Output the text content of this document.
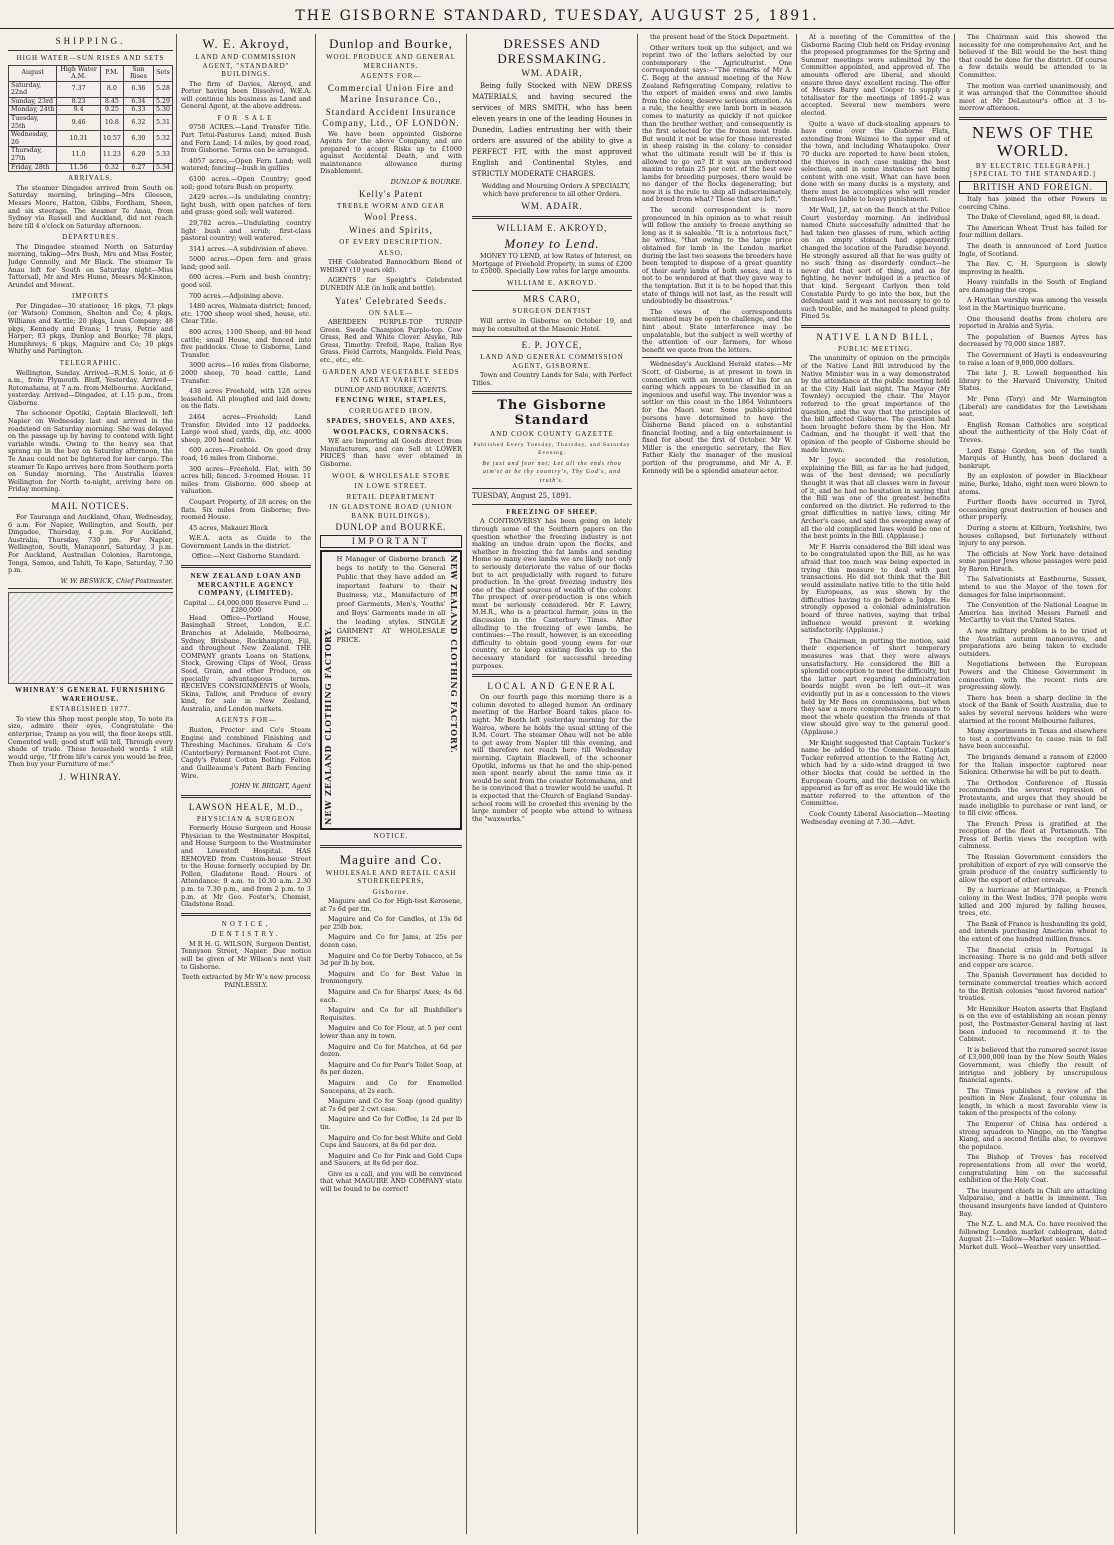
THE GISBORNE STANDARD, TUESDAY, AUGUST 25, 1891.
SHIPPING.
HIGH WATER—SUN RISES AND SETS
August	High Water A.M.	P.M.	Sun Rises	Sets
Saturday, 22nd	7.37	8.0	6.36	5.28
Sunday, 23rd	8.23	8.45	6.34	5.29
Monday, 24th	9.4	9.25	6.33	5.30
Tuesday, 25th	9.46	10.8	6.32	5.31
Wednesday, 26	10.31	10.57	6.30	5.32
Thursday, 27th	11.0	11.23	6.29	5.33
Friday, 28th	11.56	0.32	6.27	5.34
ARRIVALS.

The steamer Dingadee arrived from South on Saturday morning, bringing—Mrs Gleeson, Messrs Moore, Hatton, Gibbs, Fordham, Sheen, and six steerage. The steamer Te Anau, from Sydney via Russell and Auckland, did not reach here till 4 o'clock on Saturday afternoon.

DEPARTURES.

The Dingadee steamed North on Saturday morning, taking—Mrs Bush, Mrs and Miss Foster, Judge Connolly, and Mr Black. The steamer Te Anau left for South on Saturday night—Miss Tattersall, Mr and Mrs Hume, Messrs McKinnon, Arundel and Mowat.

IMPORTS

Per Dingadee—30 stationer, 16 pkgs, 73 pkgs (or Watson) Common, Shelton and Co; 4 pkgs, Williams and Kettle; 20 pkgs, Loan Company; 48 pkgs, Kennedy and Evans; 1 truss, Petrie and Harper; 83 pkgs, Dunlop and Bourke; 78 pkgs, Humphreys; 6 pkgs, Maguire and Co; 10 pkgs Whitby and Partington.

TELEGRAPHIC.

Wellington, Sunday. Arrived—R.M.S. Ionic, at 6 a.m., from Plymouth. Bluff, Yesterday. Arrived—Rotomahana, at 7 a.m. from Melbourne. Auckland, yesterday. Arrived—Dingadee, at 1.15 p.m., from Gisborne.

The schooner Opotiki, Captain Blackwell, left Napier on Wednesday last and arrived in the roadstead on Saturday morning. She was delayed on the passage up by having to contend with light variable winds. Owing to the heavy sea that sprang up in the bay on Saturday afternoon, the Te Anau could not be lightered for her cargo. The steamer Te Kapo arrives here from Southern ports on Sunday morning. The Australia leaves Wellington for North to-night, arriving here on Friday morning.

MAIL NOTICES.

For Tauranga and Auckland, Ohau, Wednesday, 6 a.m. For Napier, Wellington, and South, per Dingadee, Thursday, 4 p.m. For Auckland, Australia, Thursday, 730 pm. For Napier, Wellington, South, Manaponri, Saturday, 3 p.m. For Auckland, Australian Colonies, Rarotonga, Tonga, Samoa, and Tahiti, Te Kapo, Saturday, 7.30 p.m.

W. W. BESWICK, Chief Postmaster.
WHINRAY'S GENERAL FURNISHING WAREHOUSE.
ESTABLISHED 1877.

To view this Shop most people stop, To note its size, admire their eyes, Congratulate the enterprise, Tramp as you will, the floor keeps still. Cemented well; good stuff will tell, Through every shade of trade. These household words I still would urge, "If from life's cares you would be free, Then buy your Furniture of me."

J. WHINRAY.
W. E. Akroyd,
LAND AND COMMISSION AGENT, "STANDARD" BUILDINGS.

The firm of Davies, Akroyd, and Porter having been Dissolved, W.E.A. will continue his business as Land and General Agent, at the above address.

FOR SALE

9758 ACRES.—Land Transfer Title. Part Tetui-Pastures Land; mixed Bush and Fern Land; 14 miles, by good road, from Gisborne. Terms can be arranged.

4057 acres.—Open Fern Land; well watered; fencing—bush in gullies

6100 acres.—Open Country; good soil; good totara Bush on property.

2429 acres.—Is undulating country; light bush, with open patches of fern and grass; good soil; well watered.

29,782 acres.—Undulating country light bush and scrub; first-class pastoral country; well watered.

3141 acres.—A subdivision of above.

5000 acres.—Open fern and grass land; good soil.

600 acres.—Fern and bush country; good soil.

700 acres.—Adjoining above.

1480 acres, Waimata district; fenced, etc. 1700 sheep wool shed, house, etc. Clear Title.

800 acres, 1100 Sheep, and 80 head cattle; small House, and fenced into five paddocks. Close to Gisborne, Land Transfer.

3000 acres—16 miles from Gisborne, 2000 sheep, 70 head cattle, Land Transfer.

438 acres Freehold, with 128 acres leasehold. All ploughed and laid down; on the flats.

2464 acres—Freehold; Land Transfer. Divided into 12 paddocks. Large wool shed, yards, dip, etc. 4000 sheep, 200 head cattle.

600 acres—Freehold. On good dray road, 16 miles from Gisborne.

300 acres—Freehold. Flat, with 50 acres hill; fenced. 3-roomed House. 11 miles from Gisborne. 600 sheep at valuation.

Coupart Property, of 28 acres; on the flats. Six miles from Gisborne; five-roomed House.

45 acres, Makauri Block

W.E.A. acts as Guide to the Government Lands in the district.

Office:—Next Gisborne Standard.
NEW ZEALAND LOAN AND MERCANTILE AGENCY COMPANY, (LIMITED).
Capital ... £4,000,000 Reserve Fund ... £280,000

Head Office—Portland House, Basinghall Street, London, E.C. Branches at Adelaide, Melbourne, Sydney, Brisbane, Rockhampton, Fiji, and throughout New Zealand. THE COMPANY grants Loans on Stations, Stock, Growing Clips of Wool, Grass Seed, Grain, and other Produce, on specially advantageous terms. RECEIVES CONSIGNMENTS of Wools, Skins, Tallow, and Produce of every kind, for sale in New Zealand, Australia, and London markets.

AGENTS FOR—

Ruston, Proctor and Co's Steam Engine and combined Finishing and Threshing Machines. Graham & Co's (Canterbury) Permanent Foot-rot Cure. Cagdy's Patent Cotton Bolting. Felton and Guilleaume's Patent Barb Fencing Wire.

JOHN W. BRIGHT, Agent
LAWSON HEALE, M.D.,
PHYSICIAN & SURGEON

Formerly House Surgeon and House Physician to the Westminster Hospital, and House Surgeon to the Westminster and Lowestoft Hospital. HAS REMOVED from Custom-house Street to the House formerly occupied by Dr. Pollen, Gladstone Road. Hours of Attendance: 9 a.m. to 10.30 a.m. 2.30 p.m. to 7.30 p.m., and from 2 p.m. to 3 p.m. at Mr Geo. Foster's, Chemist, Gladstone Road.

NOTICE,
DENTISTRY.

M R H. G. WILSON, Surgeon Dentist, Tennyson Street, Napier. Due notice will be given of Mr Wilson's next visit to Gisborne.

Teeth extracted by Mr W's new process PAINLESSLY.
Dunlop and Bourke,
WOOL PRODUCE AND GENERAL MERCHANTS.
AGENTS FOR—
Commercial Union Fire and Marine Insurance Co.,
Standard Accident Insurance Company, Ltd., OF LONDON.

We have been appointed Gisborne Agents for the above Company, and are prepared to accept Risks up to £1000 against Accidental Death, and with maintenance allowance during Disablement.

DUNLOP & BOURKE.
Kelly's Patent
TREBLE WORM AND GEAR
Wool Press.
Wines and Spirits,
OF EVERY DESCRIPTION.
ALSO,

THE Celebrated Bannockburn Blend of WHISKY (10 years old).

AGENTS for Speight's Celebrated DUNEDIN ALE (in bulk and bottle).

Yates' Celebrated Seeds.
ON SALE—

ABERDEEN PURPLE-TOP TURNIP Green. Swede Champion Purple-top. Cow Grass, Red and White Clover. Alsyke, Rib Grass, Timothy. Trefoil, Rape, Italian Rye Grass. Field Carrots, Mangolds. Field Peas, etc., etc., etc.

GARDEN AND VEGETABLE SEEDS IN GREAT VARIETY.
DUNLOP AND BOURKE, AGENTS.
FENCING WIRE, STAPLES,
CORRUGATED IRON,
SPADES, SHOVELS, AND AXES,
WOOLPACKS, CORNSACKS.

WE are Importing all Goods direct from Manufacturers, and can Sell at LOWER PRICES than have ever obtained in Gisborne.

WOOL & WHOLESALE STORE
IN LOWE STREET.
RETAIL DEPARTMENT
IN GLADSTONE ROAD (UNION BANK BUILDINGS),
DUNLOP and BOURKE.
IMPORTANT
NEW ZEALAND CLOTHING FACTORY.

H Manager of Gisborne branch begs to notify to the General Public that they have added an important feature to their Business, viz., Manufacture of proof Garments, Men's, Youths' and Boys' Garments made in all the leading styles. SINGLE GARMENT AT WHOLESALE PRICE.	NEW ZEALAND CLOTHING FACTORY.
NOTICE.
Maguire and Co.
WHOLESALE AND RETAIL CASH STOREKEEPERS,
Gisborne.

Maguire and Co for High-test Kerosene, at 7s 6d per tin.

Maguire and Co for Candles, at 13s 6d per 25lb box.

Maguire and Co for Jams, at 25s per dozen case.

Maguire and Co for Derby Tobacco, at 5s 3d per lb by box.

Maguire and Co for Best Value in Ironmongery.

Maguire and Co for Sharps' Axes; 4s 6d each.

Maguire and Co for all Bushfeller's Requisites.

Maguire and Co for Flour, at 5 per cent lower than any in town.

Maguire and Co for Matches, at 6d per dozen.

Maguire and Co for Pear's Toilet Soap, at 8s per dozen.

Maguire and Co for Enamelled Saucepans, at 2s each.

Maguire and Co for Soap (good quality) at 7s 6d per 2 cwt case.

Maguire and Co for Coffee, 1s 2d per lb tin.

Maguire and Co for best White and Gold Cups and Saucers, at 8s 6d per doz.

Maguire and Co for Pink and Gold Cups and Saucers, at 8s 6d per doz.

Give us a call, and you will be convinced that what MAGUIRE AND COMPANY state will be found to be correct!

DRESSES AND DRESSMAKING.
WM. ADAIR,

Being fully Stocked with NEW DRESS MATERIALS, and having secured the services of MRS SMITH, who has been eleven years in one of the leading Houses in Dunedin, Ladies entrusting her with their orders are assured of the ability to give a PERFECT FIT, with the most approved English and Continental Styles, and STRICTLY MODERATE CHARGES.

Wedding and Mourning Orders A SPECIALTY, which have preference to all other Orders.

WM. ADAIR.
WILLIAM E. AKROYD,
Money to Lend.

MONEY TO LEND, at low Rates of Interest, on Mortgage of Freehold Property, in sums of £200 to £5000. Specially Low rates for large amounts.

WILLIAM E. AKROYD.
MRS CARO,
SURGEON DENTIST

Will arrive in Gisborne on October 19, and may be consulted at the Masonic Hotel.

E. P. JOYCE,
LAND AND GENERAL COMMISSION AGENT, GISBORNE.

Town and Country Lands for Sale, with Perfect Titles.

The Gisborne Standard
AND COOK COUNTY GAZETTE
Published Every Tuesday, Thursday, and Saturday Evening.
Be just and fear not; Let all the ends thou aim'st at be thy country's, Thy God's, and truth's.
TUESDAY, August 25, 1891.
FREEZING OF SHEEP.

A CONTROVERSY has been going on lately through some of the Southern papers on the question whether the freezing industry is not making an undue drain upon the flocks, and whether in freezing the fat lambs and sending Home so many ewe lambs we are likely not only to seriously deteriorate the value of our flocks but to act prejudicially with regard to future production. In the great freezing industry lies one of the chief sources of wealth of the colony. The prospect of over-production is one which must be seriously considered. Mr F. Lawry, M.H.R., who is a practical farmer, joins in the discussion in the Canterbury Times. After alluding to the freezing of ewe lambs, he continues:—The result, however, is an exceeding difficulty to obtain good young ewes for our country, or to keep existing flocks up to the necessary standard for successful breeding purposes.

LOCAL AND GENERAL

On our fourth page this morning there is a column devoted to alleged humor. An ordinary meeting of the Harbor Board takes place to-night. Mr Booth left yesterday morning for the Wairoa, where he holds the usual sitting of the R.M. Court. The steamer Ohau will not be able to get away from Napier till this evening, and will therefore not reach here till Wednesday morning. Captain Blackwell, of the schooner Opotiki, informs us that he and the ship-pened men spent nearly about the same time as it would be sent from the coaster Rotomahana, and he is convinced that a trawler would be useful. It is expected that the Church of England Sunday-school room will be crowded this evening by the large number of people who attend to witness the "waxworks."

the present head of the Stock Department.

Other writers took up the subject, and we reprint two of the letters selected by our contemporary the Agriculturist. One correspondent says:—"The remarks of Mr A. C. Begg at the annual meeting of the New Zealand Refrigerating Company, relative to the export of maiden ewes and ewe lambs from the colony, deserve serious attention. As a rule, the healthy ewe lamb born in season comes to maturity as quickly if not quicker than the brother wether, and consequently is the first selected for the frozen meat trade. But would it not be wise for those interested in sheep raising in the colony to consider what the ultimate result will be if this is allowed to go on? If it was an understood maxim to retain 25 per cent. of the best ewe lambs for breeding purposes, there would be no danger of the flocks degenerating; but now it is the rule to ship all indiscriminately, and breed from what? Those that are left."

The second correspondent is more pronounced in his opinion as to what result will follow the anxiety to freeze anything so long as it is saleable. "It is a notorious fact," he writes, "that owing to the large price obtained for lamb in the London market during the last two seasons the breeders have been tempted to dispose of a great quantity of their early lambs of both sexes, and it is not to be wondered at that they gave way to the temptation. But it is to be hoped that this state of things will not last, as the result will undoubtedly be disastrous."

The views of the correspondents mentioned may be open to challenge, and the hint about State interference may be unpalatable, but the subject is well worthy of the attention of our farmers, for whose benefit we quote from the letters.

Wednesday's Auckland Herald states:—Mr Scott, of Gisborne, is at present in town in connection with an invention of his for an earing which appears to be classified in an ingenious and useful way. The inventor was a settler on this coast in the 1864 Volunteers for the Maori war. Some public-spirited persons have determined to have the Gisborne Band placed on a substantial financial footing, and a big entertainment is fixed for about the first of October. Mr W. Miller is the energetic secretary, the Rev. Father Kiely the manager of the musical portion of the programme, and Mr A. F. Kennedy will be a splendid amateur actor.

At a meeting of the Committee of the Gisborne Racing Club held on Friday evening the proposed programmes for the Spring and Summer meetings were submitted by the Committee appointed, and approved of. The amounts offered are liberal, and should ensure three days' excellent racing. The offer of Messrs Barry and Cooper to supply a totalisator for the meetings of 1891-2 was accepted. Several new members were elected.

Quite a wave of duck-stealing appears to have come over the Gisborne Flats, extending from Waimoi to the upper end of the town, and including Whataupoko. Over 70 ducks are reported to have been stolen, the thieves in each case making the best selection, and in some instances not being content with one visit. What can have been done with so many ducks is a mystery, and there must be accomplices who will render themselves liable to heavy punishment.

Mr Wall, J.P., sat on the Bench at the Police Court yesterday morning. An individual named Chute successfully admitted that he had taken two glasses of rum, which acting on an empty stomach had apparently changed the location of the Paradise beyond. He strongly assured all that he was guilty of no such thing as disorderly conduct—he never did that sort of thing, and as for fighting, he never indulged in a practice of that kind. Sergeant Carlyon then told Constable Pardy to go into the box, but the defendant said it was not necessary to go to such trouble, and he managed to plead guilty. Fined 5s.

NATIVE LAND BILL.
PUBLIC MEETING.

The unanimity of opinion on the principle of the Native Land Bill introduced by the Native Minister was in a way demonstrated by the attendance at the public meeting held at the City Hall last night. The Mayor (Mr Townley) occupied the chair. The Mayor referred to the great importance of the question, and the way that the principles of the bill affected Gisborne. The question had been brought before them by the Hon. Mr Cadman, and he thought it well that the opinion of the people of Gisborne should be made known.

Mr Joyce seconded the resolution, explaining the Bill, as far as he had judged, was of the best devised; we peculiarly thought it was that all classes were in favour of it, and he had no hesitation in saying that the Bill was one of the greatest benefits conferred on the district. He referred to the great difficulties in native laws, citing Mr Archer's case, and said the sweeping away of all the old complicated laws would be one of the best points in the Bill. (Applause.)

Mr F. Harris considered the Bill ideal was to be congratulated upon the Bill, as he was afraid that too much was being expected in trying this measure to deal with past transactions. He did not think that the Bill would assimilate native title to the title held by Europeans, as was shown by the difficulties having to go before a Judge. He strongly opposed a colonial administration board of three natives, saying that tribal influence would prevent it working satisfactorily. (Applause.)

The Chairman, in putting the motion, said their experience of short temporary measures was that they were always unsatisfactory. He considered the Bill a splendid conception to meet the difficulty, but the latter part regarding administration boards might even be left out—it was evidently put in as a concession to the views held by Mr Bees on commissions, but when they saw a more comprehensive measure to meet the whole question the friends of that view should give way to the general good. (Applause.)

Mr Knight suggested that Captain Tucker's name be added to the Committee. Captain Tucker referred attention to the Rating Act, which had by a side-wind dragged in two other blocks that could be settled in the European Courts, and the decision on which appeared as far off as ever. He would like the matter referred to the attention of the Committee.

Cook County Liberal Association—Meeting Wednesday evening at 7.30.—Advt.

The Chairman said this showed the necessity for one comprehensive Act, and he believed if the Bill would be the best thing that could be done for the district. Of course a few details would be attended to in Committee.

The motion was carried unanimously, and it was arranged that the Committee should meet at Mr DeLautour's office at 3 to-morrow afternoon.

NEWS OF THE WORLD.
BY ELECTRIC TELEGRAPH.] [SPECIAL TO THE STANDARD.]
BRITISH AND FOREIGN.

Italy has joined the other Powers in coercing China.

The Duke of Cleveland, aged 88, is dead.

The American Wheat Trust has failed for four million dollars.

The death is announced of Lord Justice Ingle, of Scotland.

The Rev. C. H. Spurgeon is slowly improving in health.

Heavy rainfalls in the South of England are damaging the crops.

A Haytian warship was among the vessels lost in the Martinique hurricane.

One thousand deaths from cholera are reported in Arabia and Syria.

The population of Buenos Ayres has decreased by 70,000 since 1887.

The Government of Hayti is endeavouring to raise a loan of 9,000,000 dollars.

The late J. R. Lowell bequeathed his library to the Harvard University, United States.

Mr Penn (Tory) and Mr Warmington (Liberal) are candidates for the Lewisham seat.

English Roman Catholics are sceptical about the authenticity of the Holy Coat of Treves.

Lord Esme Gordon, son of the tenth Marquis of Huntly, has been declared a bankrupt.

By an explosion of powder in Blackbear mine, Burke, Idaho, eight men were blown to atoms.

Further floods have occurred in Tyrol, occasioning great destruction of houses and other property.

During a storm at Kilburn, Yorkshire, two houses collapsed, but fortunately without injury to any person.

The officials at New York have detained some pauper Jews whose passages were paid by Baron Hirsch.

The Salvationists at Eastbourne, Sussex, intend to sue the Mayor of the town for damages for false imprisonment.

The Convention of the National League in America has invited Messrs Parnell and McCarthy to visit the United States.

A new military problem is to be tried at the Austrian autumn manoeuvres, and preparations are being taken to exclude outsiders.

Negotiations between the European Powers and the Chinese Government in connection with the recent riots are progressing slowly.

There has been a sharp decline in the stock of the Bank of South Australia, due to sales by several nervous holders who were alarmed at the recent Melbourne failures.

Many experiments in Texas and elsewhere to test a contrivance to cause rain to fall have been successful.

The brigands demand a ransom of £2000 for the Italian inspector captured near Salonica. Otherwise he will be put to death.

The Orthodox Conference of Russia recommends the severest repression of Protestants, and urges that they should be made ineligible to purchase or rent land, or to fill civic offices.

The French Press is gratified at the reception of the fleet at Portsmouth. The Press of Berlin views the reception with calmness.

The Russian Government considers the prohibition of export of rye will conserve the grain produce of the country sufficiently to allow the export of other cereals.

By a hurricane at Martinique, a French colony in the West Indies, 378 people were killed and 200 injured by falling houses, trees, etc.

The Bank of France is husbanding its gold, and intends purchasing American wheat to the extent of one hundred million francs.

The financial crisis in Portugal is increasing. There is no gold and both silver and copper are scarce.

The Spanish Government has decided to terminate commercial treaties which accord to the British colonies "most favored nation" treaties.

Mr Henniker Heaton asserts that England is on the eve of establishing an ocean penny post, the Postmaster-General having at last been induced to recommend it to the Cabinet.

It is believed that the rumored secret issue of £3,000,000 loan by the New South Wales Government, was chiefly the result of intrigue and jobbery by unscrupulous financial agents.

The Times publishes a review of the position in New Zealand, four columns in length, in which a most favorable view is taken of the prospects of the colony.

The Emperor of China has ordered a strong squadron to Ningpo, on the Yangtse Kiang, and a second flotilla also, to overawe the populace.

The Bishop of Treves has received representations from all over the world, congratulating him on the successful exhibition of the Holy Coat.

The insurgent chiefs in Chili are attacking Valparaiso, and a battle is imminent. Ten thousand insurgents have landed at Quintero Bay.

The N.Z. L. and M.A. Co. have received the following London market cablegram, dated August 21:—Tallow—Market easier. Wheat—Market dull. Wool—Weather very unsettled.
